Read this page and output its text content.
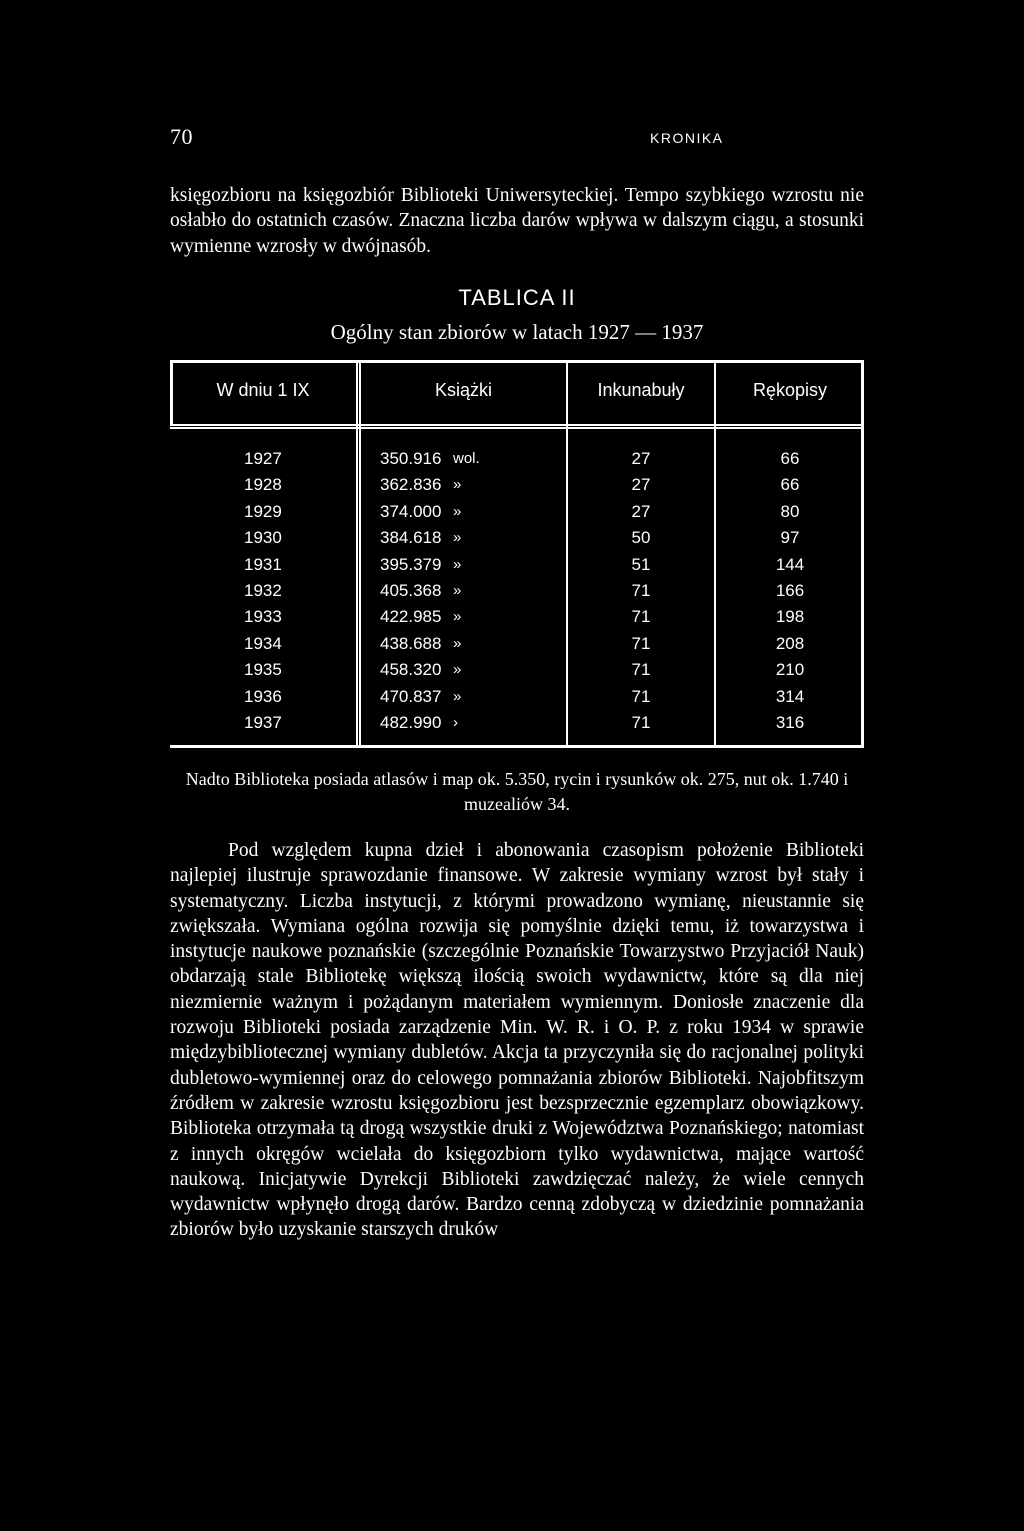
70	KRONIKA
księgozbioru na księgozbiór Biblioteki Uniwersyteckiej. Tempo szybkiego wzrostu nie osłabło do ostatnich czasów. Znaczna liczba darów wpływa w dalszym ciągu, a stosunki wymienne wzrosły w dwójnasób.
TABLICA II
Ogólny stan zbiorów w latach 1927 — 1937
W dniu 1 IX	Książki	Inkunabuły	Rękopisy
1927	350.916 wol.	27	66
1928	362.836 »	27	66
1929	374.000 »	27	80
1930	384.618 »	50	97
1931	395.379 »	51	144
1932	405.368 »	71	166
1933	422.985 »	71	198
1934	438.688 »	71	208
1935	458.320 »	71	210
1936	470.837 »	71	314
1937	482.990 ›	71	316
Nadto Biblioteka posiada atlasów i map ok. 5.350, rycin i rysunków ok. 275, nut ok. 1.740 i muzealiów 34.
Pod względem kupna dzieł i abonowania czasopism położenie Biblioteki najlepiej ilustruje sprawozdanie finansowe. W zakresie wymiany wzrost był stały i systematyczny. Liczba instytucji, z którymi prowadzono wymianę, nieustannie się zwiększała. Wymiana ogólna rozwija się pomyślnie dzięki temu, iż towarzystwa i instytucje naukowe poznańskie (szczególnie Poznańskie Towarzystwo Przyjaciół Nauk) obdarzają stale Bibliotekę większą ilością swoich wydawnictw, które są dla niej niezmiernie ważnym i pożądanym materiałem wymiennym. Doniosłe znaczenie dla rozwoju Biblioteki posiada zarządzenie Min. W. R. i O. P. z roku 1934 w sprawie międzybibliotecznej wymiany dubletów. Akcja ta przyczyniła się do racjonalnej polityki dubletowo-wymiennej oraz do celowego pomnażania zbiorów Biblioteki. Najobfitszym źródłem w zakresie wzrostu księgozbioru jest bezsprzecznie egzemplarz obowiązkowy. Biblioteka otrzymała tą drogą wszystkie druki z Województwa Poznańskiego; natomiast z innych okręgów wcielała do księgozbiorn tylko wydawnictwa, mające wartość naukową. Inicjatywie Dyrekcji Biblioteki zawdzięczać należy, że wiele cennych wydawnictw wpłynęło drogą darów. Bardzo cenną zdobyczą w dziedzinie pomnażania zbiorów było uzyskanie starszych druków
